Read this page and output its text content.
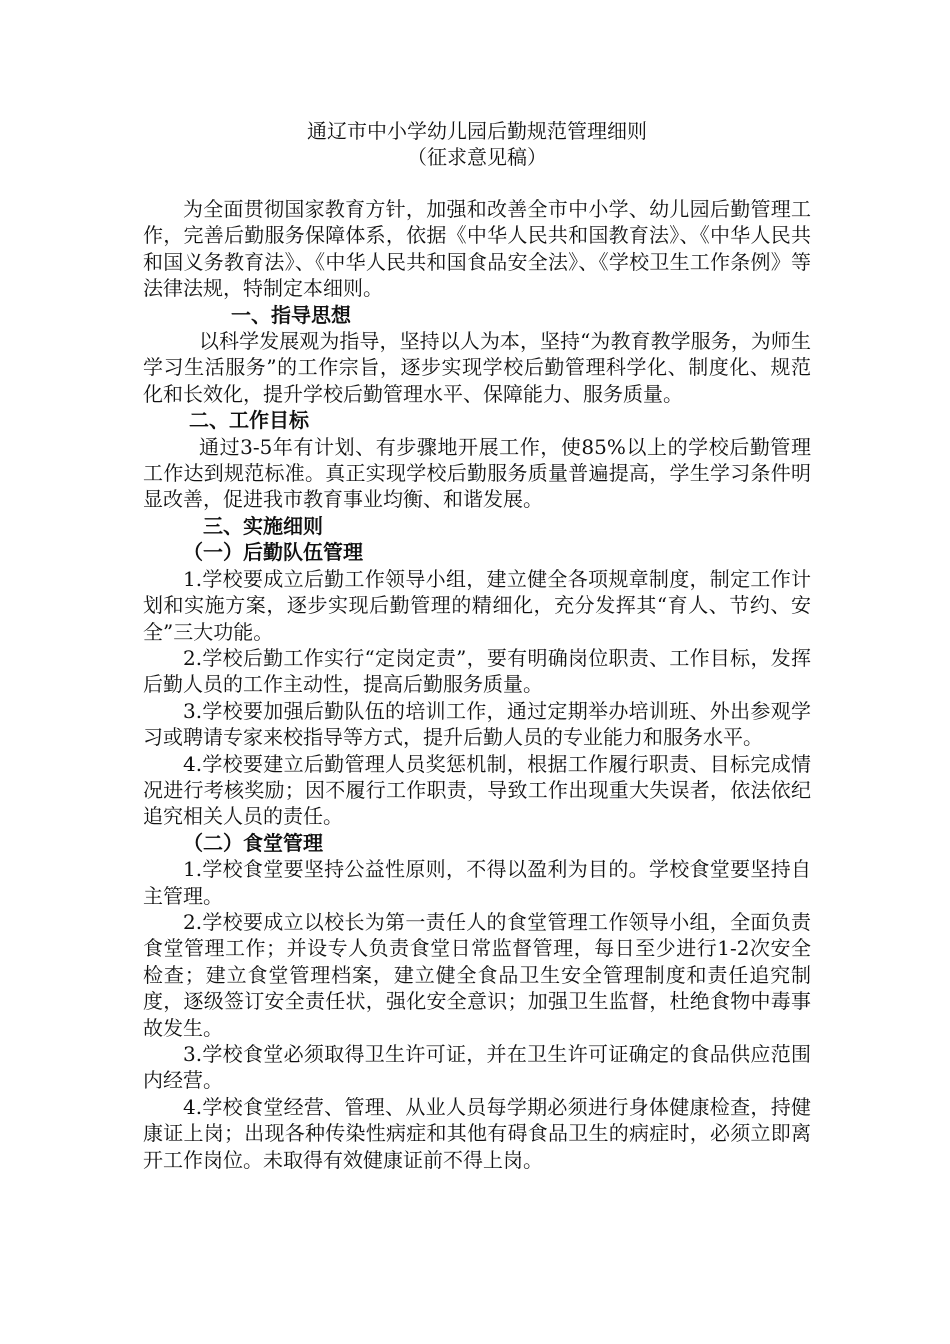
通辽市中小学幼儿园后勤规范管理细则

（征求意见稿）

为全面贯彻国家教育方针，加强和改善全市中小学、幼儿园后勤管理工作，完善后勤服务保障体系，依据《中华人民共和国教育法》、《中华人民共和国义务教育法》、《中华人民共和国食品安全法》、《学校卫生工作条例》等法律法规，特制定本细则。

一、指导思想

以科学发展观为指导，坚持以人为本，坚持“为教育教学服务，为师生学习生活服务”的工作宗旨，逐步实现学校后勤管理科学化、制度化、规范化和长效化，提升学校后勤管理水平、保障能力、服务质量。

二、工作目标

通过3-5年有计划、有步骤地开展工作，使85%以上的学校后勤管理工作达到规范标准。真正实现学校后勤服务质量普遍提高，学生学习条件明显改善，促进我市教育事业均衡、和谐发展。

三、实施细则

（一）后勤队伍管理

1.学校要成立后勤工作领导小组，建立健全各项规章制度，制定工作计划和实施方案，逐步实现后勤管理的精细化，充分发挥其“育人、节约、安全”三大功能。

2.学校后勤工作实行“定岗定责”，要有明确岗位职责、工作目标，发挥后勤人员的工作主动性，提高后勤服务质量。

3.学校要加强后勤队伍的培训工作，通过定期举办培训班、外出参观学习或聘请专家来校指导等方式，提升后勤人员的专业能力和服务水平。

4.学校要建立后勤管理人员奖惩机制，根据工作履行职责、目标完成情况进行考核奖励；因不履行工作职责，导致工作出现重大失误者，依法依纪追究相关人员的责任。

（二）食堂管理

1.学校食堂要坚持公益性原则，不得以盈利为目的。学校食堂要坚持自主管理。

2.学校要成立以校长为第一责任人的食堂管理工作领导小组，全面负责食堂管理工作；并设专人负责食堂日常监督管理，每日至少进行1-2次安全检查；建立食堂管理档案，建立健全食品卫生安全管理制度和责任追究制度，逐级签订安全责任状，强化安全意识；加强卫生监督，杜绝食物中毒事故发生。

3.学校食堂必须取得卫生许可证，并在卫生许可证确定的食品供应范围内经营。

4.学校食堂经营、管理、从业人员每学期必须进行身体健康检查，持健康证上岗；出现各种传染性病症和其他有碍食品卫生的病症时，必须立即离开工作岗位。未取得有效健康证前不得上岗。
